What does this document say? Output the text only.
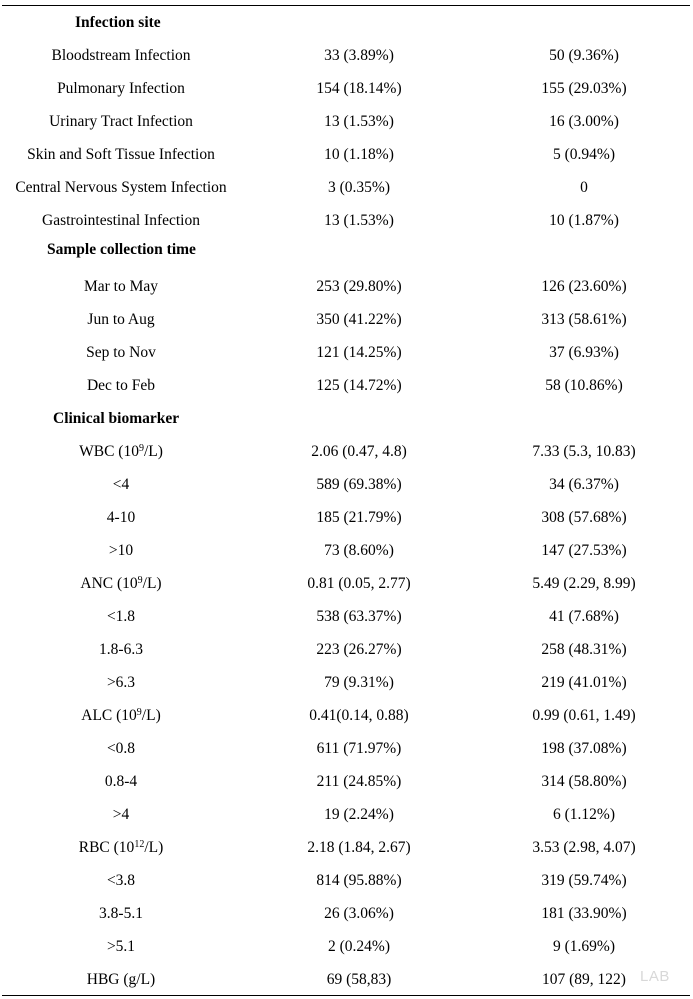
Infection site
Bloodstream Infection	33 (3.89%)	50 (9.36%)
Pulmonary Infection	154 (18.14%)	155 (29.03%)
Urinary Tract Infection	13 (1.53%)	16 (3.00%)
Skin and Soft Tissue Infection	10 (1.18%)	5 (0.94%)
Central Nervous System Infection	3 (0.35%)	0
Gastrointestinal Infection	13 (1.53%)	10 (1.87%)
Sample collection time
Mar to May	253 (29.80%)	126 (23.60%)
Jun to Aug	350 (41.22%)	313 (58.61%)
Sep to Nov	121 (14.25%)	37 (6.93%)
Dec to Feb	125 (14.72%)	58 (10.86%)
Clinical biomarker
WBC $(10^9/L)$	2.06 (0.47, 4.8)	7.33 (5.3, 10.83)
<4	589 (69.38%)	34 (6.37%)
4-10	185 (21.79%)	308 (57.68%)
>10	73 (8.60%)	147 (27.53%)
ANC $(10^9/L)$	0.81 (0.05, 2.77)	5.49 (2.29, 8.99)
<1.8	538 (63.37%)	41 (7.68%)
1.8-6.3	223 (26.27%)	258 (48.31%)
>6.3	79 (9.31%)	219 (41.01%)
ALC $(10^9/L)$	0.41(0.14, 0.88)	0.99 (0.61, 1.49)
<0.8	611 (71.97%)	198 (37.08%)
0.8-4	211 (24.85%)	314 (58.80%)
>4	19 (2.24%)	6 (1.12%)
RBC $(10^{12}/L)$	2.18 (1.84, 2.67)	3.53 (2.98, 4.07)
<3.8	814 (95.88%)	319 (59.74%)
3.8-5.1	26 (3.06%)	181 (33.90%)
>5.1	2 (0.24%)	9 (1.69%)
HBG (g/L)	69 (58,83)	107 (89, 122) LAB
